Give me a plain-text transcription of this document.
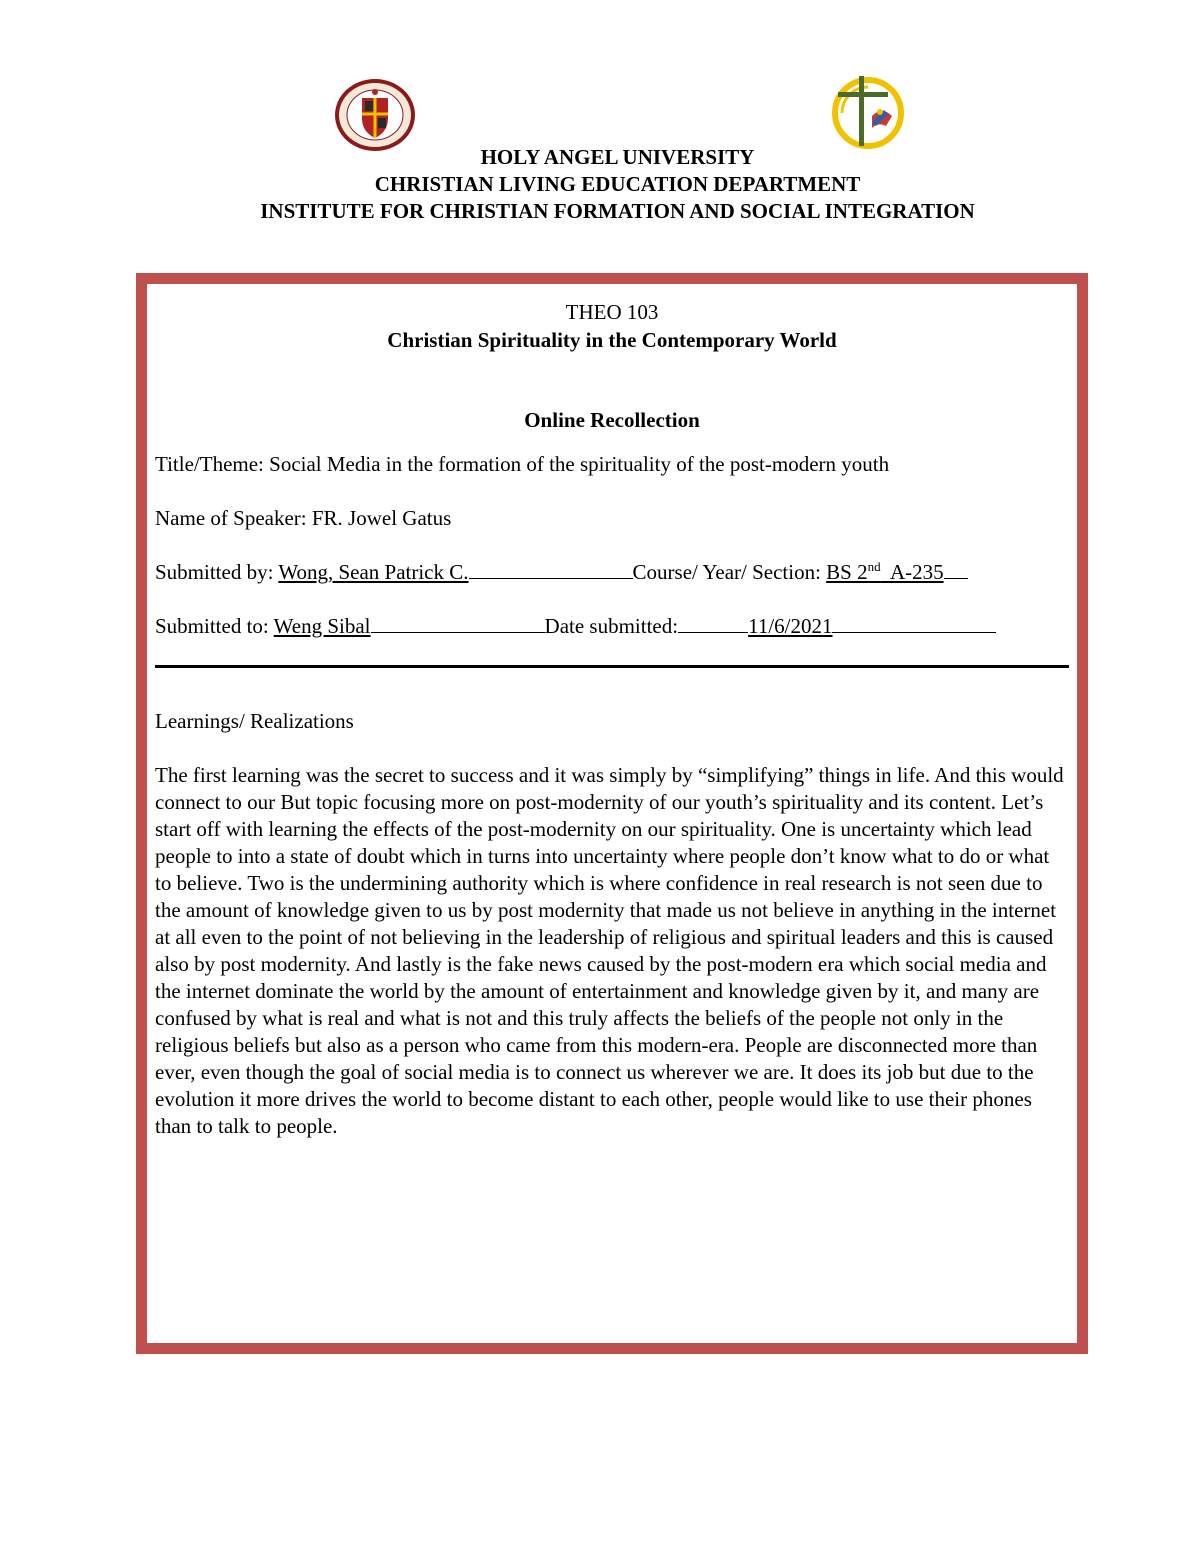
HOLY ANGEL UNIVERSITY
CHRISTIAN LIVING EDUCATION DEPARTMENT
INSTITUTE FOR CHRISTIAN FORMATION AND SOCIAL INTEGRATION
THEO 103
Christian Spirituality in the Contemporary World
Online Recollection
Title/Theme: Social Media in the formation of the spirituality of the post-modern youth
Name of Speaker: FR. Jowel Gatus
Submitted by: Wong, Sean Patrick C.	Course/ Year/ Section: BS 2nd  A-235
Submitted to: Weng Sibal	Date submitted:	11/6/2021
Learnings/ Realizations
The first learning was the secret to success and it was simply by “simplifying” things in life. And this would connect to our But topic focusing more on post-modernity of our youth’s spirituality and its content. Let’s start off with learning the effects of the post-modernity on our spirituality. One is uncertainty which lead people to into a state of doubt which in turns into uncertainty where people don’t know what to do or what to believe. Two is the undermining authority which is where confidence in real research is not seen due to the amount of knowledge given to us by post modernity that made us not believe in anything in the internet at all even to the point of not believing in the leadership of religious and spiritual leaders and this is caused also by post modernity. And lastly is the fake news caused by the post-modern era which social media and the internet dominate the world by the amount of entertainment and knowledge given by it, and many are confused by what is real and what is not and this truly affects the beliefs of the people not only in the religious beliefs but also as a person who came from this modern-era. People are disconnected more than ever, even though the goal of social media is to connect us wherever we are. It does its job but due to the evolution it more drives the world to become distant to each other, people would like to use their phones than to talk to people.
